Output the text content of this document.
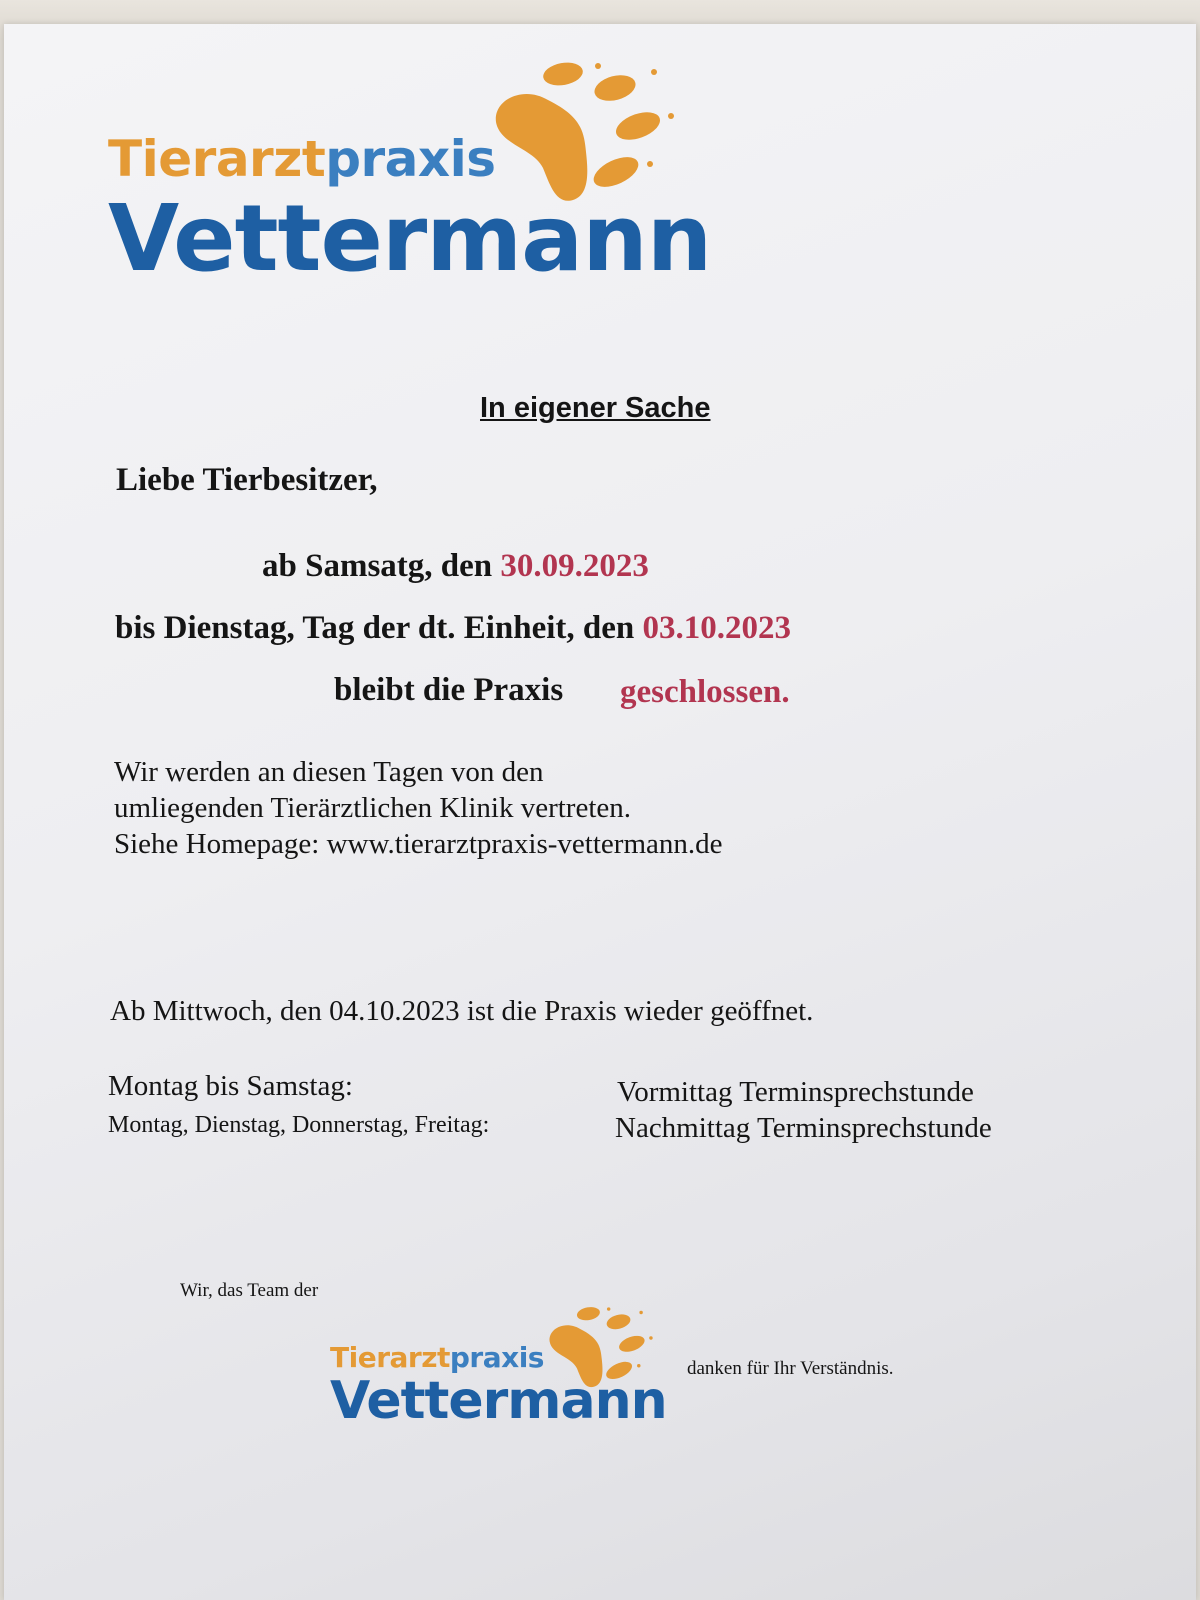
Tierarztpraxis
Vettermann
In eigener Sache
Liebe Tierbesitzer,
ab Samsatg, den 30.09.2023
bis Dienstag, Tag der dt. Einheit, den 03.10.2023
bleibt die Praxis geschlossen.
Wir werden an diesen Tagen von den
umliegenden Tierärztlichen Klinik vertreten.
Siehe Homepage: www.tierarztpraxis-vettermann.de
Ab Mittwoch, den 04.10.2023 ist die Praxis wieder geöffnet.
Montag bis Samstag:	Vormittag Terminsprechstunde
Montag, Dienstag, Donnerstag, Freitag:	Nachmittag Terminsprechstunde
Wir, das Team der
Tierarztpraxis
Vettermann
danken für Ihr Verständnis.
